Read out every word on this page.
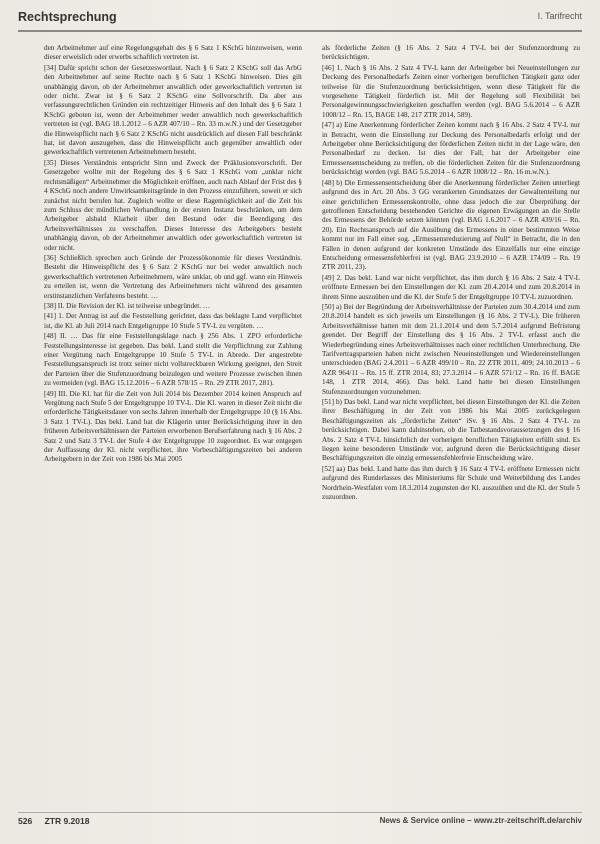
Rechtsprechung	I. Tarifrecht

den Arbeitnehmer auf eine Regelungsgehalt des § 6 Satz 1 KSchG hinzuweisen, wenn dieser erweislich oder erwerbs schaftlich vertreten ist.

[34] Dafür spricht schon der Gesetzeswortlaut. Nach § 6 Satz 2 KSchG soll das ArbG den Arbeitnehmer auf seine Rechte nach § 6 Satz 1 KSchG hinweisen. Dies gilt unabhängig davon, ob der Arbeitnehmer anwaltlich oder gewerkschaftlich vertreten ist oder nicht. Zwar ist § 6 Satz 2 KSchG eine Sollvorschrift. Da aber aus verfassungsrechtlichen Gründen ein rechtzeitiger Hinweis auf den Inhalt des § 6 Satz 1 KSchG geboten ist, wenn der Arbeitnehmer weder anwaltlich noch gewerkschaftlich vertreten ist (vgl. BAG 18.1.2012 – 6 AZR 407/10 – Rn. 33 m.w.N.) und der Gesetzgeber die Hinweispflicht nach § 6 Satz 2 KSchG nicht ausdrücklich auf diesen Fall beschränkt hat, ist davon auszugehen, dass die Hinweispflicht auch gegenüber anwaltlich oder gewerkschaftlich vertretenen Arbeitnehmern besteht.

[35] Dieses Verständnis entspricht Sinn und Zweck der Präklusionsvorschrift. Der Gesetzgeber wollte mit der Regelung des § 6 Satz 1 KSchG vom „unklar nicht rechtsmäßigen“ Arbeitnehmer die Möglichkeit eröffnen, auch nach Ablauf der Frist des § 4 KSchG noch andere Unwirksamkeitsgründe in den Prozess einzuführen, soweit er sich zunächst nicht berufen hat. Zugleich wollte er diese Ragemöglichkeit auf die Zeit bis zum Schluss der mündlichen Verhandlung in der ersten Instanz beschränken, um dem Arbeitgeber alsbald Klarheit über den Bestand oder die Beendigung des Arbeitsverhältnisses zu verschaffen. Dieses Interesse des Arbeitgebers besteht unabhängig davon, ob der Arbeitnehmer anwaltlich oder gewerkschaftlich vertreten ist oder nicht.

[36] Schließlich sprechen auch Gründe der Prozessökonomie für dieses Verständnis. Besteht die Hinweispflicht des § 6 Satz 2 KSchG nur bei weder anwaltlich noch gewerkschaftlich vertretenen Arbeitnehmern, wäre unklar, ob und ggf. wann ein Hinweis zu erteilen ist, wenn die Vertretung des Arbeitnehmers nicht während des gesamten erstinstanzlichen Verfahrens besteht. …

[38] II. Die Revision der Kl. ist teilweise unbegründet. …

[41] 1. Der Antrag ist auf die Feststellung gerichtet, dass das beklagte Land verpflichtet ist, die Kl. ab Juli 2014 nach Entgeltgruppe 10 Stufe 5 TV-L zu vergüten. …

[48] II. … Das für eine Feststellungsklage nach § 256 Abs. 1 ZPO erforderliche Feststellungsinteresse ist gegeben. Das bekl. Land stellt die Verpflichtung zur Zahlung einer Vergütung nach Entgeltgruppe 10 Stufe 5 TV-L in Abrede. Der angestrebte Feststellungsanspruch ist trotz seiner nicht vollstreckbaren Wirkung geeignet, den Streit der Parteien über die Stufenzuordnung beizulegen und weitere Prozesse zwischen ihnen zu vermeiden (vgl. BAG 15.12.2016 – 6 AZR 578/15 – Rn. 29 ZTR 2017, 281).

[49] III. Die Kl. hat für die Zeit von Juli 2014 bis Dezember 2014 keinen Anspruch auf Vergütung nach Stufe 5 der Entgeltgruppe 10 TV-L. Die Kl. waren in dieser Zeit nicht die erforderliche Tätigkeitsdauer von sechs Jahren innerhalb der Entgeltgruppe 10 (§ 16 Abs. 3 Satz 1 TV-L). Das bekl. Land hat die Klägerin unter Berücksichtigung ihrer in den früheren Arbeitsverhältnissen der Parteien erworbenen Berufserfahrung nach § 16 Abs. 2 Satz 2 und Satz 3 TV-L der Stufe 4 der Entgeltgruppe 10 zugeordnet. Es war entgegen der Auffassung der Kl. nicht verpflichtet, ihre Vorbeschäftigungszeiten bei anderen Arbeitgebern in der Zeit von 1986 bis Mai 2005

als förderliche Zeiten (§ 16 Abs. 2 Satz 4 TV-L bei der Stufenzuordnung zu berücksichtigen.

[46] 1. Nach § 16 Abs. 2 Satz 4 TV-L kann der Arbeitgeber bei Neueinstellungen zur Deckung des Personalbedarfs Zeiten einer vorherigen beruflichen Tätigkeit ganz oder teilweise für die Stufenzuordnung berücksichtigen, wenn diese Tätigkeit für die vorgesehene Tätigkeit förderlich ist. Mit der Regelung soll Flexibilität bei Personalgewinnungsschwierigkeiten geschaffen werden (vgl. BAG 5.6.2014 – 6 AZR 1008/12 – Rn. 15, BAGE 148, 217 ZTR 2014, 589).

[47] a) Eine Anerkennung förderlicher Zeiten kommt nach § 16 Abs. 2 Satz 4 TV-L nur in Betracht, wenn die Einstellung zur Deckung des Personalbedarfs erfolgt und der Arbeitgeber ohne Berücksichtigung der förderlichen Zeiten nicht in der Lage wäre, den Personalbedarf zu decken. Ist dies der Fall, hat der Arbeitgeber eine Ermessensentscheidung zu treffen, ob die förderlichen Zeiten für die Stufenzuordnung berücksichtigt werden (vgl. BAG 5.6.2014 – 6 AZR 1008/12 – Rn. 16 m.w.N.).

[48] b) Die Ermessensentscheidung über die Anerkennung förderlicher Zeiten unterliegt aufgrund des in Art. 20 Abs. 3 GG verankerten Grundsatzes der Gewaltenteilung nur einer gerichtlichen Ermessenskontrolle, ohne dass jedoch die zur Überprüfung der getroffenen Entscheidung bestehenden Gerichte die eigenen Erwägungen an die Stelle des Ermessens der Behörde setzen könnten (vgl. BAG 1.6.2017 – 6 AZR 439/16 – Rn. 20). Ein Rechtsanspruch auf die Ausübung des Ermessens in einer bestimmten Weise kommt nur im Fall einer sog. „Ermessensreduzierung auf Null“ in Betracht, die in den Fällen in denen aufgrund der konkreten Umstände des Einzelfalls nur eine einzige Entscheidung ermessensfehlerfrei ist (vgl. BAG 23.9.2010 – 6 AZR 174/09 – Rn. 19 ZTR 2011, 23).

[49] 2. Das bekl. Land war nicht verpflichtet, das ihm durch § 16 Abs. 2 Satz 4 TV-L eröffnete Ermessen bei den Einstellungen der Kl. zum 20.4.2014 und zum 20.8.2014 in ihrem Sinne auszuüben und die Kl. der Stufe 5 der Entgeltgruppe 10 TV-L zuzuordnen.

[50] a) Bei der Begründung der Arbeitsverhältnisse der Parteien zum 30.4.2014 und zum 20.8.2014 handelt es sich jeweils um Einstellungen (§ 16 Abs. 2 TV-L). Die früheren Arbeitsverhältnisse hatten mit dem 21.1.2014 und dem 5.7.2014 aufgrund Befristung geendet. Der Begriff der Einstellung des § 16 Abs. 2 TV-L erfasst auch die Wiederbegründung eines Arbeitsverhältnisses nach einer rechtlichen Unterbrechung. Die Tarifvertragsparteien haben nicht zwischen Neueinstellungen und Wiedereinstellungen unterschieden (BAG 2.4.2011 – 6 AZR 499/10 – Rn. 22 ZTR 2011, 409; 24.10.2013 – 6 AZR 964/11 – Rn. 15 ff. ZTR 2014, 83; 27.3.2014 – 6 AZR 571/12 – Rn. 16 ff. BAGE 148, 1 ZTR 2014, 466). Das bekl. Land hatte bei diesen Einstellungen Stufenzuordnungen vorzunehmen.

[51] b) Das bekl. Land war nicht verpflichtet, bei diesen Einstellungen der Kl. die Zeiten ihrer Beschäftigung in der Zeit von 1986 bis Mai 2005 zurückgelegten Beschäftigungszeiten als „förderliche Zeiten“ iSv. § 16 Abs. 2 Satz 4 TV-L zu berücksichtigen. Dabei kann dahinstehen, ob die Tatbestandsvoraussetzungen des § 16 Abs. 2 Satz 4 TV-L hinsichtlich der vorherigen beruflichen Tätigkeiten erfüllt sind. Es liegen keine besonderen Umstände vor, aufgrund deren die Berücksichtigung dieser Beschäftigungszeiten die einzig ermessensfehlerfreie Entscheidung wäre.

[52] aa) Das bekl. Land hatte das ihm durch § 16 Satz 4 TV-L eröffnete Ermessen nicht aufgrund des Runderlasses des Ministeriums für Schule und Weiterbildung des Landes Nordrhein-Westfalen vom 18.3.2014 zugunsten der Kl. auszuüben und die Kl. der Stufe 5 zuzuordnen.

526 ZTR 9.2018	News & Service online – www.ztr-zeitschrift.de/archiv
